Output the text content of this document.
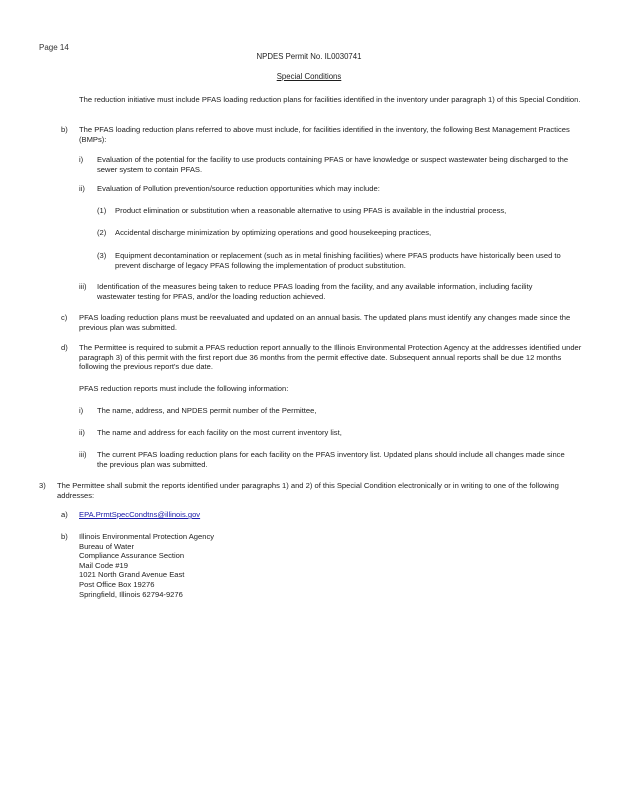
Page 14
NPDES Permit No. IL0030741
Special Conditions
The reduction initiative must include PFAS loading reduction plans for facilities identified in the inventory under paragraph 1) of this Special Condition.
b)	The PFAS loading reduction plans referred to above must include, for facilities identified in the inventory, the following Best Management Practices (BMPs):
i)	Evaluation of the potential for the facility to use products containing PFAS or have knowledge or suspect wastewater being discharged to the sewer system to contain PFAS.
ii)	Evaluation of Pollution prevention/source reduction opportunities which may include:
(1)	Product elimination or substitution when a reasonable alternative to using PFAS is available in the industrial process,
(2)	Accidental discharge minimization by optimizing operations and good housekeeping practices,
(3)	Equipment decontamination or replacement (such as in metal finishing facilities) where PFAS products have historically been used to prevent discharge of legacy PFAS following the implementation of product substitution.
iii)	Identification of the measures being taken to reduce PFAS loading from the facility, and any available information, including facility wastewater testing for PFAS, and/or the loading reduction achieved.
c)	PFAS loading reduction plans must be reevaluated and updated on an annual basis. The updated plans must identify any changes made since the previous plan was submitted.
d)	The Permittee is required to submit a PFAS reduction report annually to the Illinois Environmental Protection Agency at the addresses identified under paragraph 3) of this permit with the first report due 36 months from the permit effective date. Subsequent annual reports shall be due 12 months following the previous report's due date.
PFAS reduction reports must include the following information:
i)	The name, address, and NPDES permit number of the Permittee,
ii)	The name and address for each facility on the most current inventory list,
iii)	The current PFAS loading reduction plans for each facility on the PFAS inventory list. Updated plans should include all changes made since the previous plan was submitted.
3)	The Permittee shall submit the reports identified under paragraphs 1) and 2) of this Special Condition electronically or in writing to one of the following addresses:
a)	EPA.PrmtSpecCondtns@illinois.gov
b)	Illinois Environmental Protection Agency
Bureau of Water
Compliance Assurance Section
Mail Code #19
1021 North Grand Avenue East
Post Office Box 19276
Springfield, Illinois 62794-9276
